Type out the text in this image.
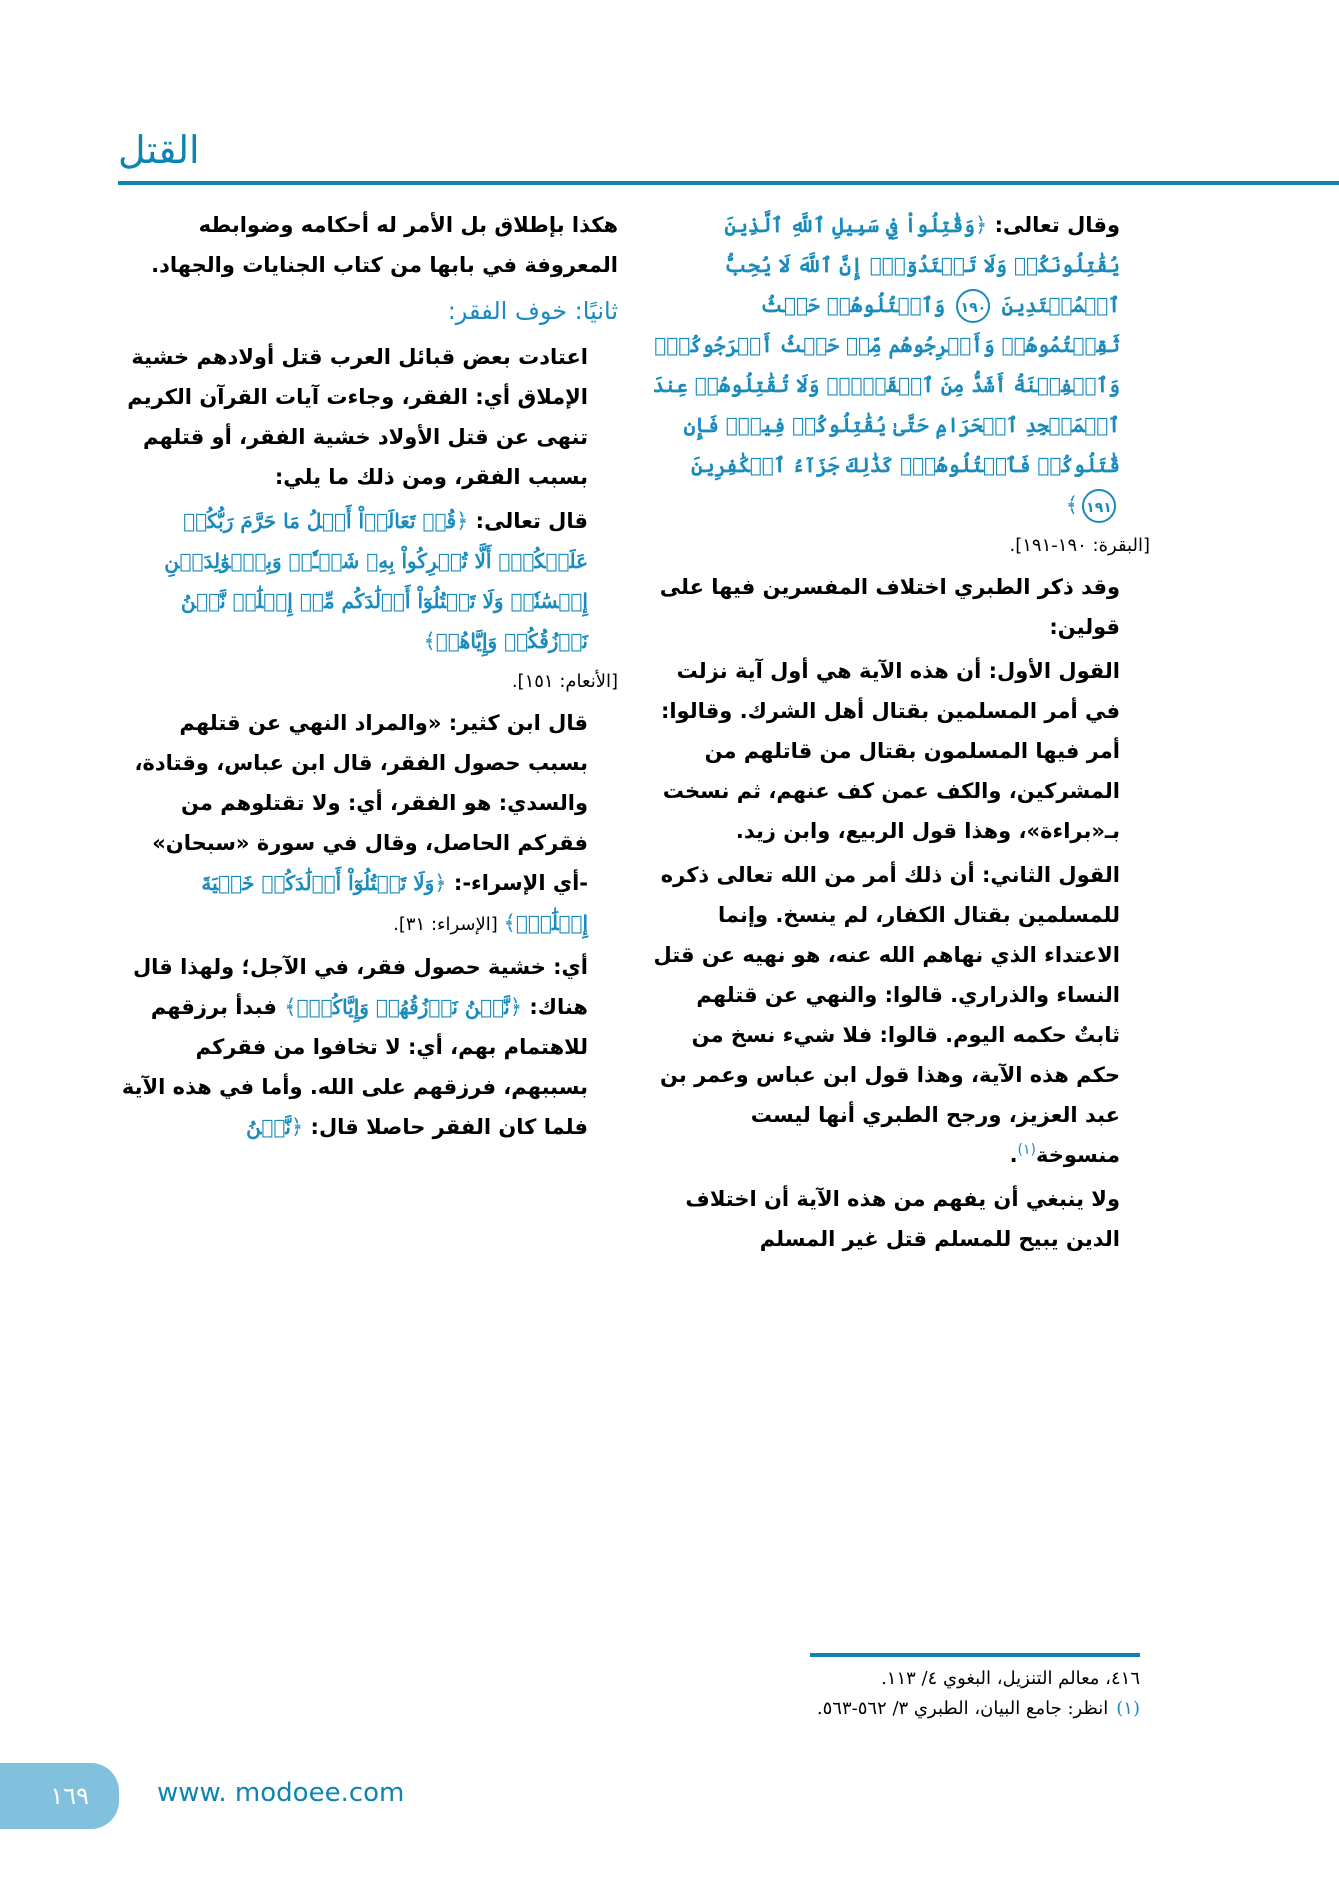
القتل

وقال تعالى: ﴿وَقَٰتِلُواْ فِي سَبِيلِ ٱللَّهِ ٱلَّذِينَ يُقَٰتِلُونَكُمۡ وَلَا تَعۡتَدُوٓاْۚ إِنَّ ٱللَّهَ لَا يُحِبُّ ٱلۡمُعۡتَدِينَ ١٩٠ وَٱقۡتُلُوهُمۡ حَيۡثُ ثَقِفۡتُمُوهُمۡ وَأَخۡرِجُوهُم مِّنۡ حَيۡثُ أَخۡرَجُوكُمۡۚ وَٱلۡفِتۡنَةُ أَشَدُّ مِنَ ٱلۡقَتۡلِۚ وَلَا تُقَٰتِلُوهُمۡ عِندَ ٱلۡمَسۡجِدِ ٱلۡحَرَامِ حَتَّىٰ يُقَٰتِلُوكُمۡ فِيهِۖ فَإِن قَٰتَلُوكُمۡ فَٱقۡتُلُوهُمۡۗ كَذَٰلِكَ جَزَآءُ ٱلۡكَٰفِرِينَ ١٩١﴾

[البقرة: ١٩٠-١٩١].

وقد ذكر الطبري اختلاف المفسرين فيها على قولين:

القول الأول: أن هذه الآية هي أول آية نزلت في أمر المسلمين بقتال أهل الشرك. وقالوا: أمر فيها المسلمون بقتال من قاتلهم من المشركين، والكف عمن كف عنهم، ثم نسخت بـ«براءة»، وهذا قول الربيع، وابن زيد.

القول الثاني: أن ذلك أمر من الله تعالى ذكره للمسلمين بقتال الكفار، لم ينسخ. وإنما الاعتداء الذي نهاهم الله عنه، هو نهيه عن قتل النساء والذراري. قالوا: والنهي عن قتلهم ثابتٌ حكمه اليوم. قالوا: فلا شيء نسخ من حكم هذه الآية، وهذا قول ابن عباس وعمر بن عبد العزيز، ورجح الطبري أنها ليست منسوخة$^{(١)}$.

ولا ينبغي أن يفهم من هذه الآية أن اختلاف الدين يبيح للمسلم قتل غير المسلم

هكذا بإطلاق بل الأمر له أحكامه وضوابطه المعروفة في بابها من كتاب الجنايات والجهاد.

ثانيًا: خوف الفقر:

اعتادت بعض قبائل العرب قتل أولادهم خشية الإملاق أي: الفقر، وجاءت آيات القرآن الكريم تنهى عن قتل الأولاد خشية الفقر، أو قتلهم بسبب الفقر، ومن ذلك ما يلي:

قال تعالى: ﴿قُلۡ تَعَالَوۡاْ أَتۡلُ مَا حَرَّمَ رَبُّكُمۡ عَلَيۡكُمۡۖ أَلَّا تُشۡرِكُواْ بِهِۦ شَيۡـٔٗاۖ وَبِٱلۡوَٰلِدَيۡنِ إِحۡسَٰنٗاۖ وَلَا تَقۡتُلُوٓاْ أَوۡلَٰدَكُم مِّنۡ إِمۡلَٰقٖ نَّحۡنُ نَرۡزُقُكُمۡ وَإِيَّاهُمۡ﴾

[الأنعام: ١٥١].

قال ابن كثير: «والمراد النهي عن قتلهم بسبب حصول الفقر، قال ابن عباس، وقتادة، والسدي: هو الفقر، أي: ولا تقتلوهم من فقركم الحاصل، وقال في سورة «سبحان» -أي الإسراء-: ﴿وَلَا تَقۡتُلُوٓاْ أَوۡلَٰدَكُمۡ خَشۡيَةَ إِمۡلَٰقٖۖ﴾ [الإسراء: ٣١].

أي: خشية حصول فقر، في الآجل؛ ولهذا قال هناك: ﴿نَّحۡنُ نَرۡزُقُهُمۡ وَإِيَّاكُمۡۚ﴾ فبدأ برزقهم للاهتمام بهم، أي: لا تخافوا من فقركم بسببهم، فرزقهم على الله. وأما في هذه الآية فلما كان الفقر حاصلا قال: ﴿نَّحۡنُ

٤١٦، معالم التنزيل، البغوي ٤/ ١١٣.

(١)انظر: جامع البيان، الطبري ٣/ ٥٦٢-٥٦٣.

١٦٩	www. modoee.com
